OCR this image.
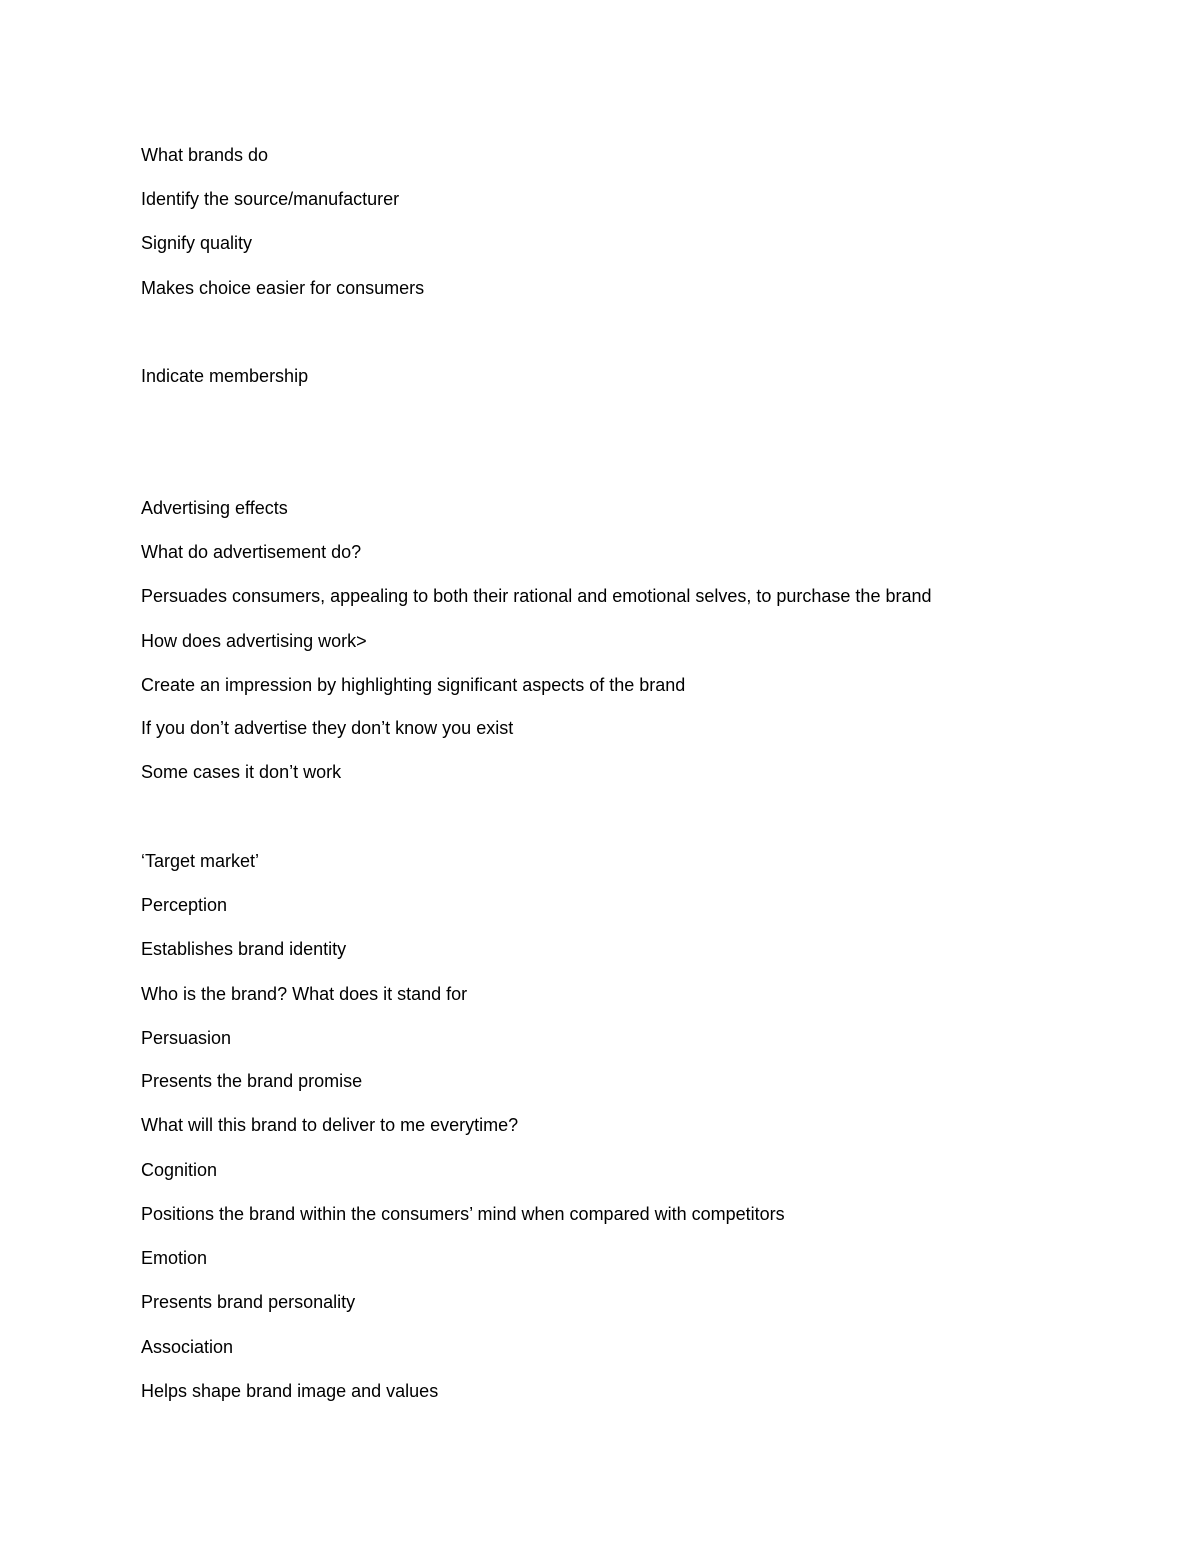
What brands do
Identify the source/manufacturer
Signify quality
Makes choice easier for consumers
Indicate membership
Advertising effects
What do advertisement do?
Persuades consumers, appealing to both their rational and emotional selves, to purchase the brand
How does advertising work>
Create an impression by highlighting significant aspects of the brand
If you don’t advertise they don’t know you exist
Some cases it don’t work
‘Target market’
Perception
Establishes brand identity
Who is the brand? What does it stand for
Persuasion
Presents the brand promise
What will this brand to deliver to me everytime?
Cognition
Positions the brand within the consumers’ mind when compared with competitors
Emotion
Presents brand personality
Association
Helps shape brand image and values
